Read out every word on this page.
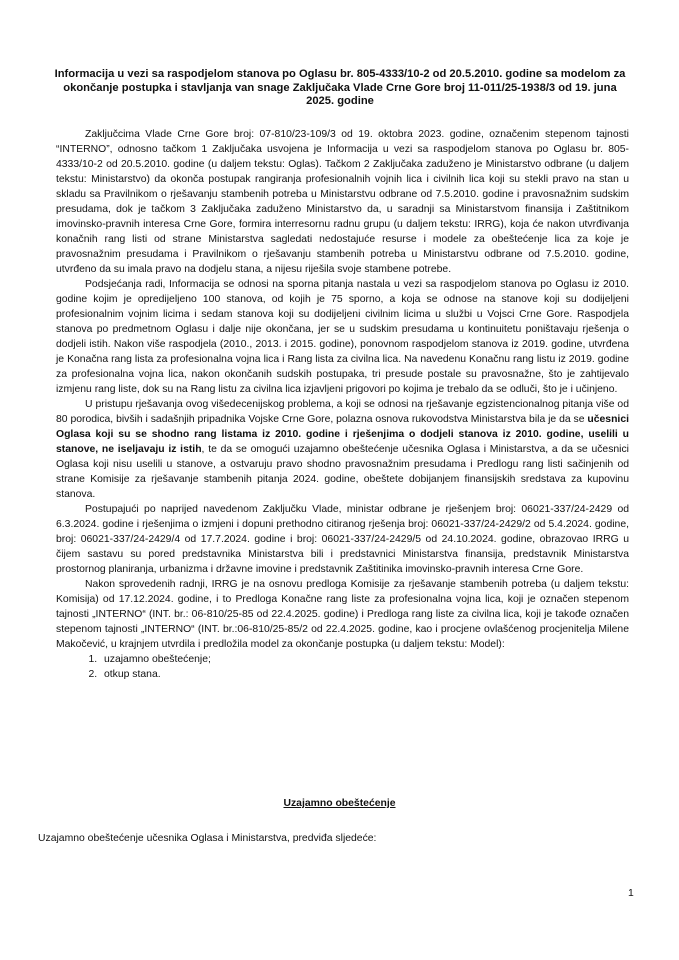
Informacija u vezi sa raspodjelom stanova po Oglasu br. 805-4333/10-2 od 20.5.2010. godine sa modelom za okončanje postupka i stavljanja van snage Zaključaka Vlade Crne Gore broj 11-011/25-1938/3 od 19. juna 2025. godine

Zaključcima Vlade Crne Gore broj: 07-810/23-109/3 od 19. oktobra 2023. godine, označenim stepenom tajnosti “INTERNO”, odnosno tačkom 1 Zaključaka usvojena je Informacija u vezi sa raspodjelom stanova po Oglasu br. 805-4333/10-2 od 20.5.2010. godine (u daljem tekstu: Oglas). Tačkom 2 Zaključaka zaduženo je Ministarstvo odbrane (u daljem tekstu: Ministarstvo) da okonča postupak rangiranja profesionalnih vojnih lica i civilnih lica koji su stekli pravo na stan u skladu sa Pravilnikom o rješavanju stambenih potreba u Ministarstvu odbrane od 7.5.2010. godine i pravosnažnim sudskim presudama, dok je tačkom 3 Zaključaka zaduženo Ministarstvo da, u saradnji sa Ministarstvom finansija i Zaštitnikom imovinsko-pravnih interesa Crne Gore, formira interresornu radnu grupu (u daljem tekstu: IRRG), koja će nakon utvrđivanja konačnih rang listi od strane Ministarstva sagledati nedostajuće resurse i modele za obeštećenje lica za koje je pravosnažnim presudama i Pravilnikom o rješavanju stambenih potreba u Ministarstvu odbrane od 7.5.2010. godine, utvrđeno da su imala pravo na dodjelu stana, a nijesu riješila svoje stambene potrebe.

Podsjećanja radi, Informacija se odnosi na sporna pitanja nastala u vezi sa raspodjelom stanova po Oglasu iz 2010. godine kojim je opredijeljeno 100 stanova, od kojih je 75 sporno, a koja se odnose na stanove koji su dodijeljeni profesionalnim vojnim licima i sedam stanova koji su dodijeljeni civilnim licima u službi u Vojsci Crne Gore. Raspodjela stanova po predmetnom Oglasu i dalje nije okončana, jer se u sudskim presudama u kontinuitetu poništavaju rješenja o dodjeli istih. Nakon više raspodjela (2010., 2013. i 2015. godine), ponovnom raspodjelom stanova iz 2019. godine, utvrđena je Konačna rang lista za profesionalna vojna lica i Rang lista za civilna lica. Na navedenu Konačnu rang listu iz 2019. godine za profesionalna vojna lica, nakon okončanih sudskih postupaka, tri presude postale su pravosnažne, što je zahtijevalo izmjenu rang liste, dok su na Rang listu za civilna lica izjavljeni prigovori po kojima je trebalo da se odluči, što je i učinjeno.

U pristupu rješavanja ovog višedecenijskog problema, a koji se odnosi na rješavanje egzistencionalnog pitanja više od 80 porodica, bivših i sadašnjih pripadnika Vojske Crne Gore, polazna osnova rukovodstva Ministarstva bila je da se učesnici Oglasa koji su se shodno rang listama iz 2010. godine i rješenjima o dodjeli stanova iz 2010. godine, uselili u stanove, ne iseljavaju iz istih, te da se omogući uzajamno obeštećenje učesnika Oglasa i Ministarstva, a da se učesnici Oglasa koji nisu uselili u stanove, a ostvaruju pravo shodno pravosnažnim presudama i Predlogu rang listi sačinjenih od strane Komisije za rješavanje stambenih pitanja 2024. godine, obeštete dobijanjem finansijskih sredstava za kupovinu stanova.

Postupajući po naprijed navedenom Zaključku Vlade, ministar odbrane je rješenjem broj: 06021-337/24-2429 od 6.3.2024. godine i rješenjima o izmjeni i dopuni prethodno citiranog rješenja broj: 06021-337/24-2429/2 od 5.4.2024. godine, broj: 06021-337/24-2429/4 od 17.7.2024. godine i broj: 06021-337/24-2429/5 od 24.10.2024. godine, obrazovao IRRG u čijem sastavu su pored predstavnika Ministarstva bili i predstavnici Ministarstva finansija, predstavnik Ministarstva prostornog planiranja, urbanizma i državne imovine i predstavnik Zaštitinika imovinsko-pravnih interesa Crne Gore.

Nakon sprovedenih radnji, IRRG je na osnovu predloga Komisije za rješavanje stambenih potreba (u daljem tekstu: Komisija) od 17.12.2024. godine, i to Predloga Konačne rang liste za profesionalna vojna lica, koji je označen stepenom tajnosti „INTERNO“ (INT. br.: 06-810/25-85 od 22.4.2025. godine) i Predloga rang liste za civilna lica, koji je takođe označen stepenom tajnosti „INTERNO“ (INT. br.:06-810/25-85/2 od 22.4.2025. godine, kao i procjene ovlašćenog procjenitelja Milene Makočević, u krajnjem utvrdila i predložila model za okončanje postupka (u daljem tekstu: Model):

1. uzajamno obeštećenje;
2. otkup stana.
Uzajamno obeštećenje
Uzajamno obeštećenje učesnika Oglasa i Ministarstva, predviđa sljedeće:
1
